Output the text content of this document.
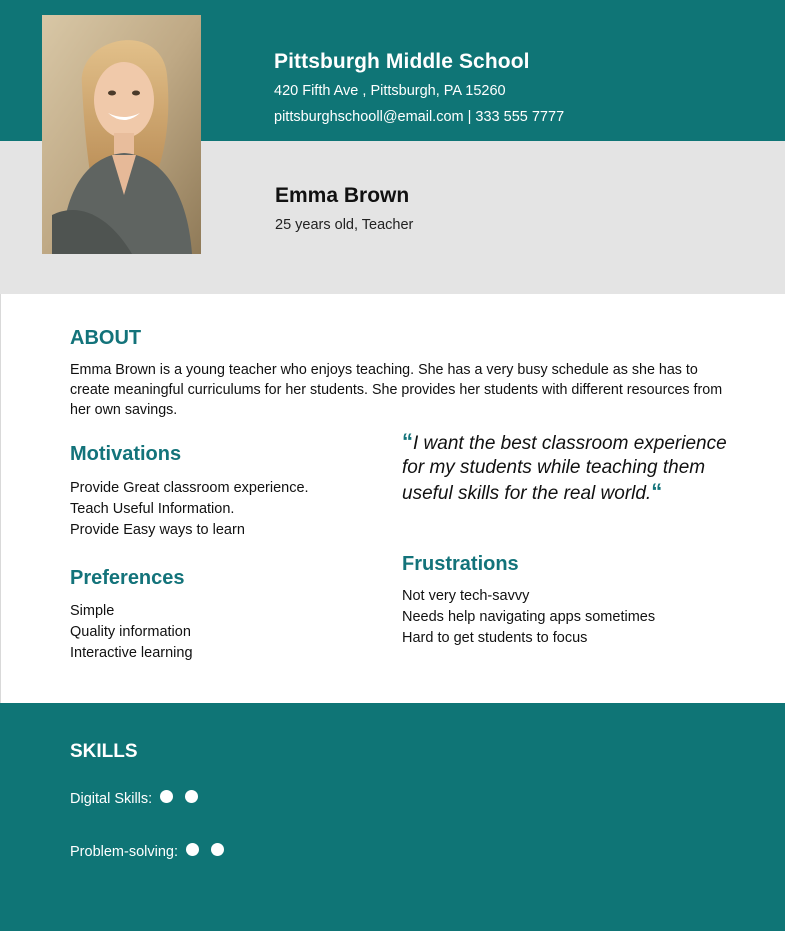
Pittsburgh Middle School
420 Fifth Ave , Pittsburgh, PA 15260
pittsburghschooll@email.com | 333 555 7777
Emma Brown
25 years old, Teacher
ABOUT
Emma Brown is a young teacher who enjoys teaching. She has a very busy schedule as she has to create meaningful curriculums for her students. She provides her students with different resources from her own savings.
Motivations
Provide Great classroom experience.
Teach Useful Information.
Provide Easy ways to learn
Preferences
Simple
Quality information
Interactive learning
“I want the best classroom experience for my students while teaching them useful skills for the real world.“
Frustrations
Not very tech-savvy
Needs help navigating apps sometimes
Hard to get students to focus
SKILLS
Digital Skills:
Problem-solving:
